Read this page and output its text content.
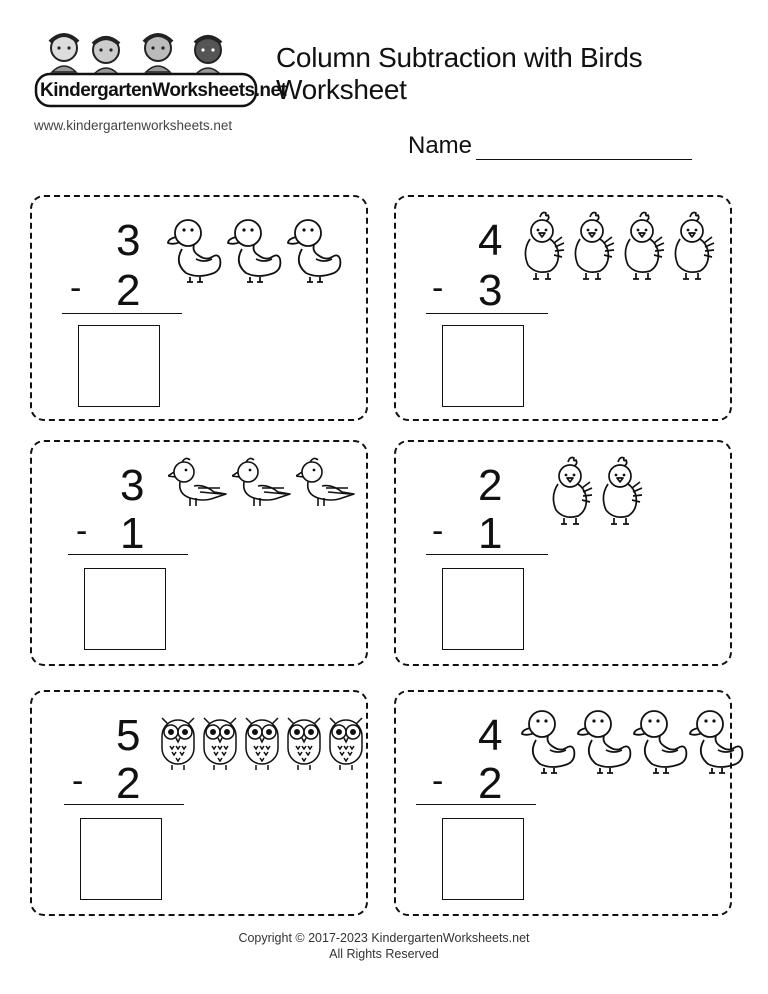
KindergartenWorksheets.net
www.kindergartenworksheets.net
Column Subtraction with Birds Worksheet
Name
3
- 2
4
- 3
3
- 1
2
- 1
5
- 2
4
- 2
Copyright © 2017-2023 KindergartenWorksheets.net
All Rights Reserved
